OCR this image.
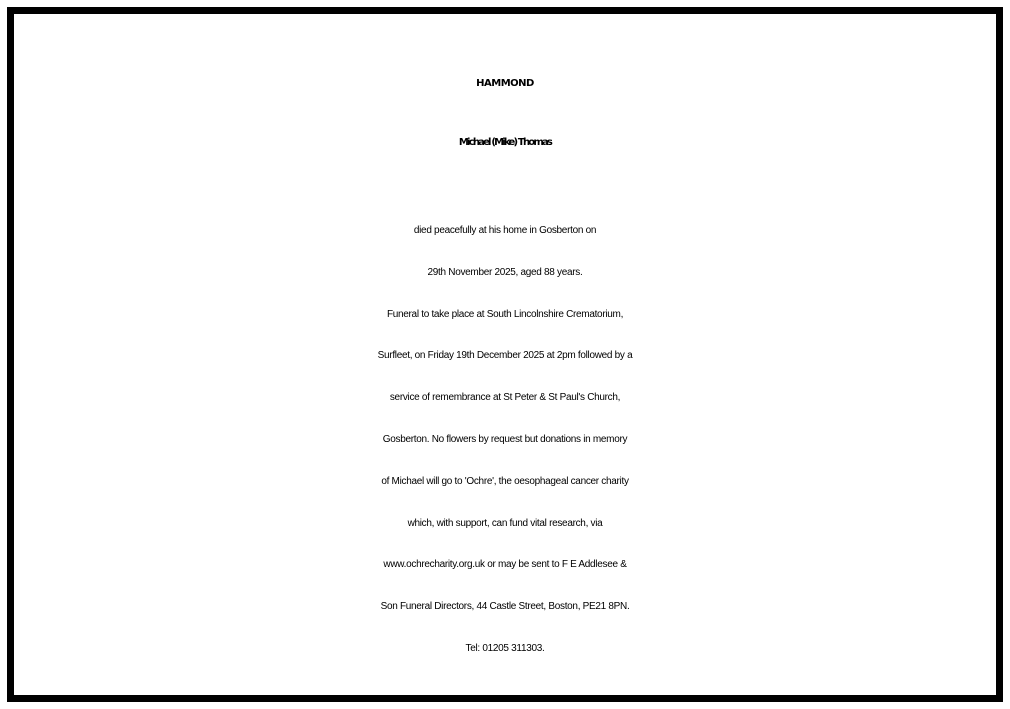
HAMMOND
Michael (Mike) Thomas
died peacefully at his home in Gosberton on
29th November 2025, aged 88 years.
Funeral to take place at South Lincolnshire Crematorium,
Surfleet, on Friday 19th December 2025 at 2pm followed by a
service of remembrance at St Peter & St Paul's Church,
Gosberton. No flowers by request but donations in memory
of Michael will go to 'Ochre', the oesophageal cancer charity
which, with support, can fund vital research, via
www.ochrecharity.org.uk or may be sent to F E Addlesee &
Son Funeral Directors, 44 Castle Street, Boston, PE21 8PN.
Tel: 01205 311303.
